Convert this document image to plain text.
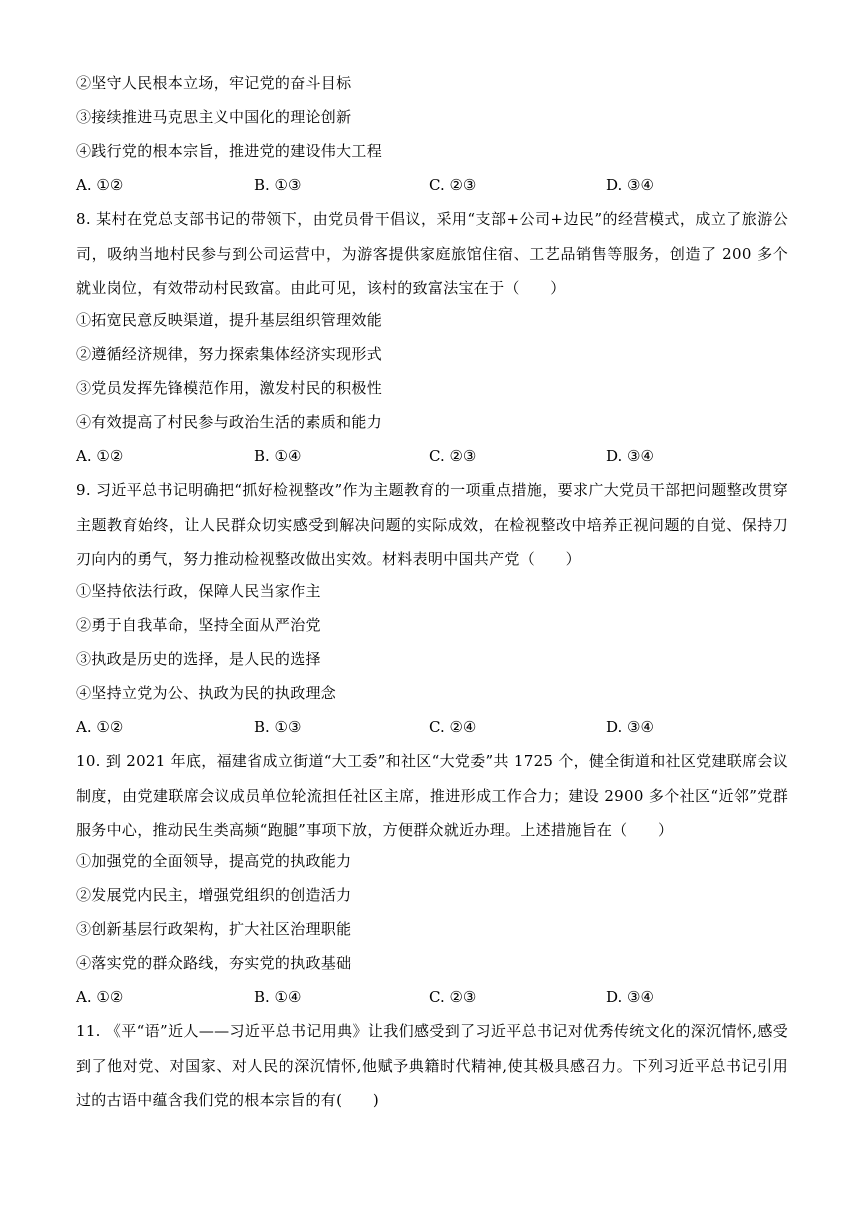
②坚守人民根本立场，牢记党的奋斗目标
③接续推进马克思主义中国化的理论创新
④践行党的根本宗旨，推进党的建设伟大工程
A. ①②	B. ①③	C. ②③	D. ③④
8. 某村在党总支部书记的带领下，由党员骨干倡议，采用“支部+公司+边民”的经营模式，成立了旅游公司，吸纳当地村民参与到公司运营中，为游客提供家庭旅馆住宿、工艺品销售等服务，创造了 200 多个就业岗位，有效带动村民致富。由此可见，该村的致富法宝在于（　　）
①拓宽民意反映渠道，提升基层组织管理效能
②遵循经济规律，努力探索集体经济实现形式
③党员发挥先锋模范作用，激发村民的积极性
④有效提高了村民参与政治生活的素质和能力
A. ①②	B. ①④	C. ②③	D. ③④
9. 习近平总书记明确把“抓好检视整改”作为主题教育的一项重点措施，要求广大党员干部把问题整改贯穿主题教育始终，让人民群众切实感受到解决问题的实际成效，在检视整改中培养正视问题的自觉、保持刀刃向内的勇气，努力推动检视整改做出实效。材料表明中国共产党（　　）
①坚持依法行政，保障人民当家作主
②勇于自我革命，坚持全面从严治党
③执政是历史的选择，是人民的选择
④坚持立党为公、执政为民的执政理念
A. ①②	B. ①③	C. ②④	D. ③④
10. 到 2021 年底，福建省成立街道“大工委”和社区“大党委”共 1725 个，健全街道和社区党建联席会议制度，由党建联席会议成员单位轮流担任社区主席，推进形成工作合力；建设 2900 多个社区“近邻”党群服务中心，推动民生类高频“跑腿”事项下放，方便群众就近办理。上述措施旨在（　　）
①加强党的全面领导，提高党的执政能力
②发展党内民主，增强党组织的创造活力
③创新基层行政架构，扩大社区治理职能
④落实党的群众路线，夯实党的执政基础
A. ①②	B. ①④	C. ②③	D. ③④
11. 《平“语”近人——习近平总书记用典》让我们感受到了习近平总书记对优秀传统文化的深沉情怀,感受到了他对党、对国家、对人民的深沉情怀,他赋予典籍时代精神,使其极具感召力。下列习近平总书记引用过的古语中蕴含我们党的根本宗旨的有(　　)
